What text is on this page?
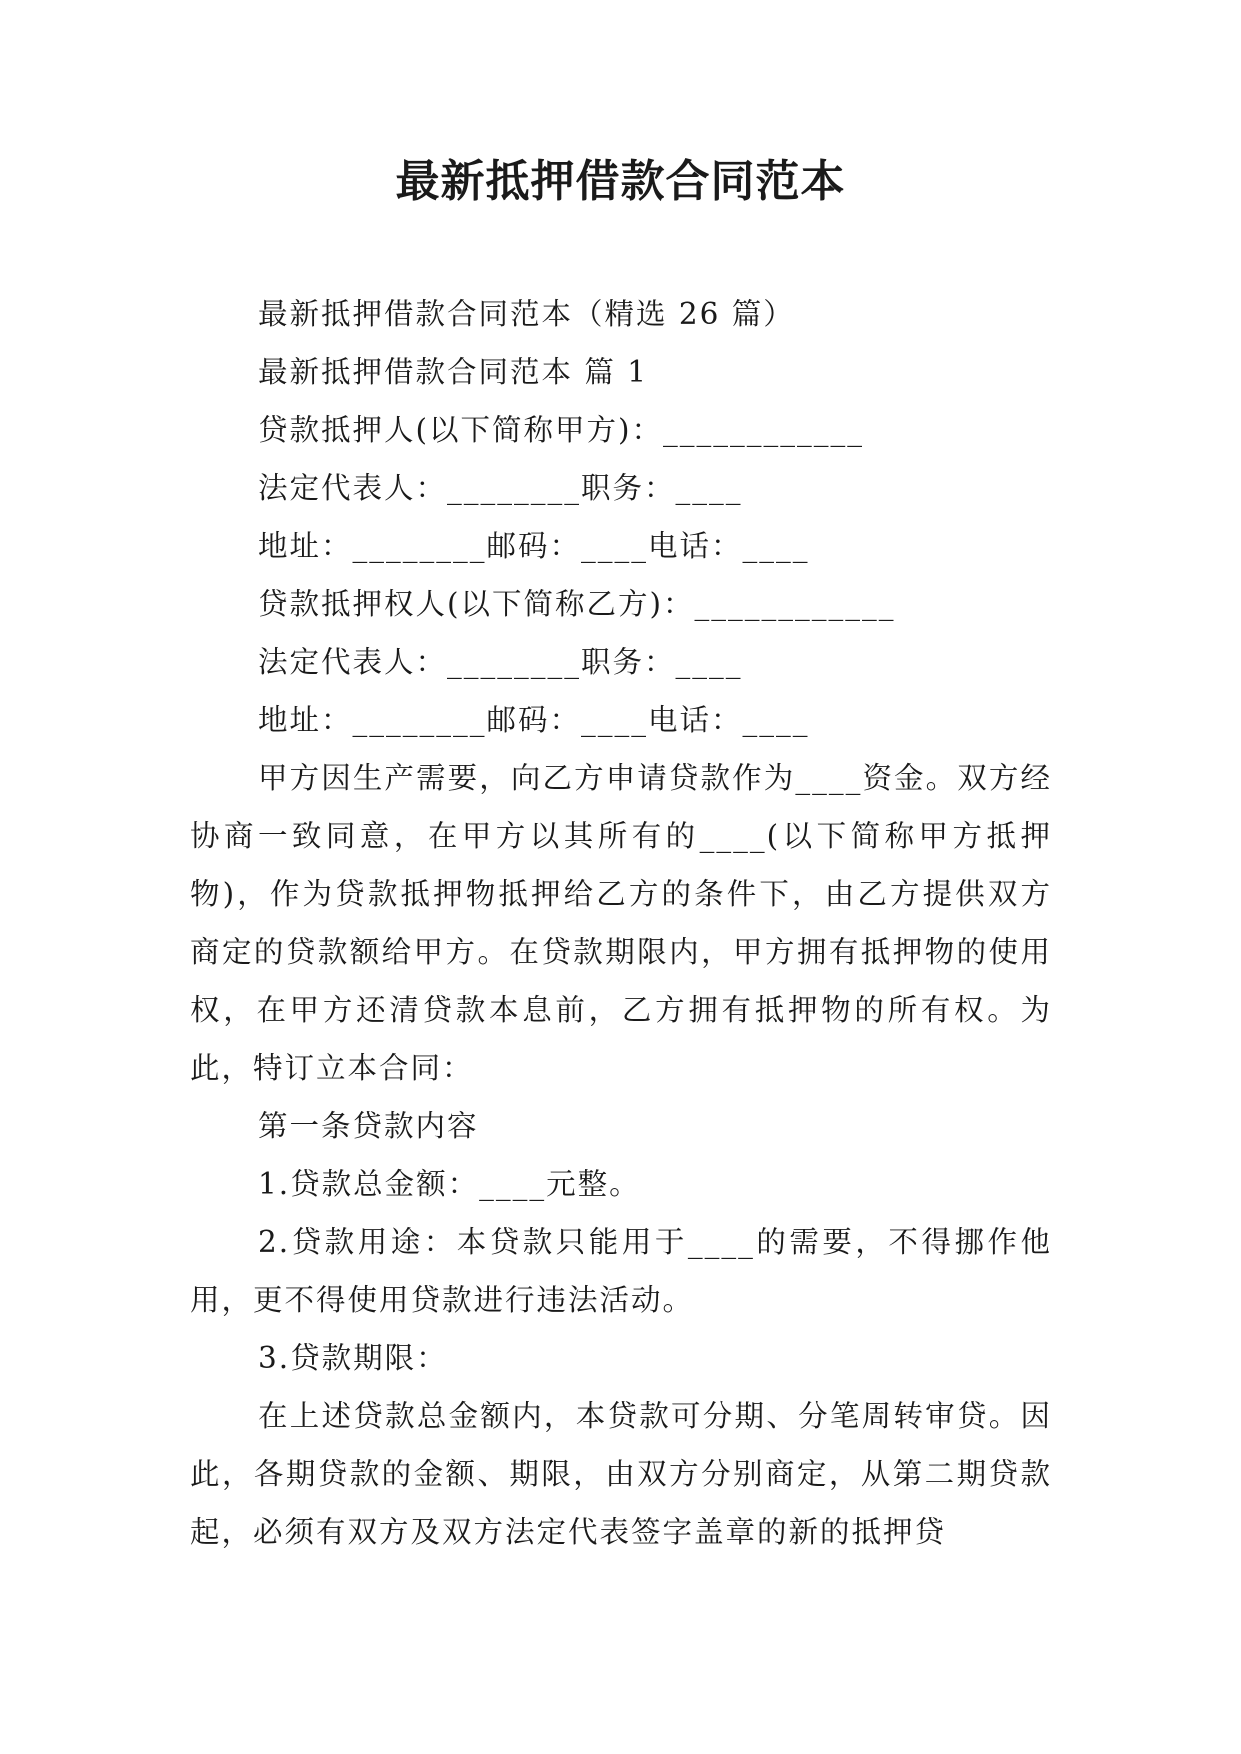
最新抵押借款合同范本

最新抵押借款合同范本（精选 26 篇）

最新抵押借款合同范本 篇 1

贷款抵押人(以下简称甲方)：____________

法定代表人：________职务：____

地址：________邮码：____电话：____

贷款抵押权人(以下简称乙方)：____________

法定代表人：________职务：____

地址：________邮码：____电话：____

甲方因生产需要，向乙方申请贷款作为____资金。双方经协商一致同意，在甲方以其所有的____(以下简称甲方抵押物)，作为贷款抵押物抵押给乙方的条件下，由乙方提供双方商定的贷款额给甲方。在贷款期限内，甲方拥有抵押物的使用权，在甲方还清贷款本息前，乙方拥有抵押物的所有权。为此，特订立本合同：

第一条贷款内容

1.贷款总金额：____元整。

2.贷款用途：本贷款只能用于____的需要，不得挪作他用，更不得使用贷款进行违法活动。

3.贷款期限：

在上述贷款总金额内，本贷款可分期、分笔周转审贷。因此，各期贷款的金额、期限，由双方分别商定，从第二期贷款起，必须有双方及双方法定代表签字盖章的新的抵押贷
